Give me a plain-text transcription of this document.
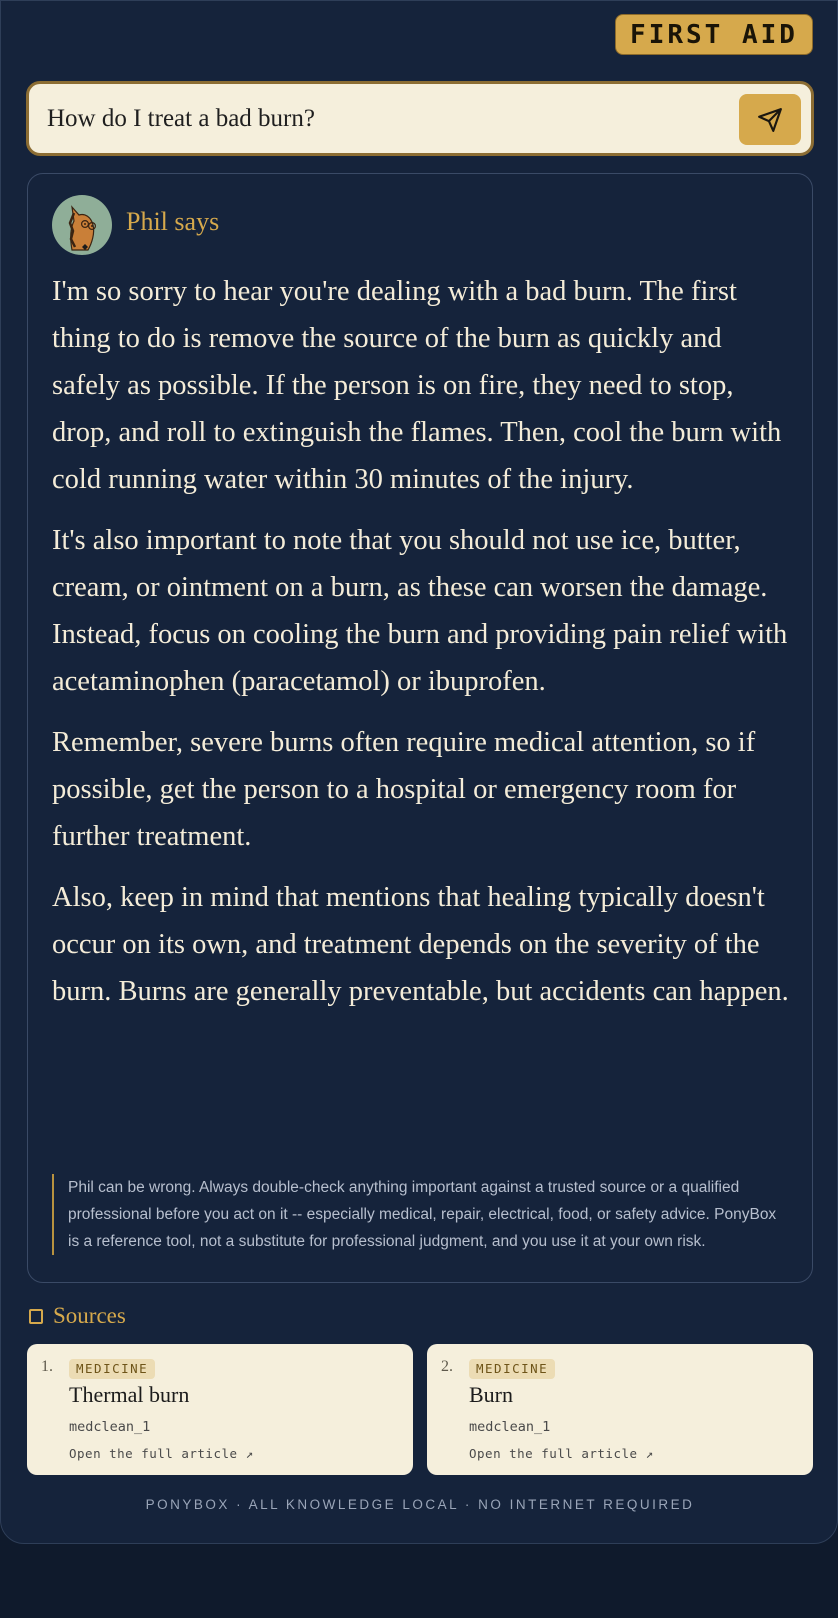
FIRST AID
How do I treat a bad burn?
Phil says

I'm so sorry to hear you're dealing with a bad burn. The first thing to do is remove the source of the burn as quickly and safely as possible. If the person is on fire, they need to stop, drop, and roll to extinguish the flames. Then, cool the burn with cold running water within 30 minutes of the injury.

It's also important to note that you should not use ice, butter, cream, or ointment on a burn, as these can worsen the damage. Instead, focus on cooling the burn and providing pain relief with acetaminophen (paracetamol) or ibuprofen.

Remember, severe burns often require medical attention, so if possible, get the person to a hospital or emergency room for further treatment.

Also, keep in mind that mentions that healing typically doesn't occur on its own, and treatment depends on the severity of the burn. Burns are generally preventable, but accidents can happen.

Phil can be wrong. Always double-check anything important against a trusted source or a qualified professional before you act on it -- especially medical, repair, electrical, food, or safety advice. PonyBox is a reference tool, not a substitute for professional judgment, and you use it at your own risk.
Sources
1.	MEDICINE
Thermal burn
medclean_1
Open the full article ↗
2.	MEDICINE
Burn
medclean_1
Open the full article ↗
PONYBOX · ALL KNOWLEDGE LOCAL · NO INTERNET REQUIRED
